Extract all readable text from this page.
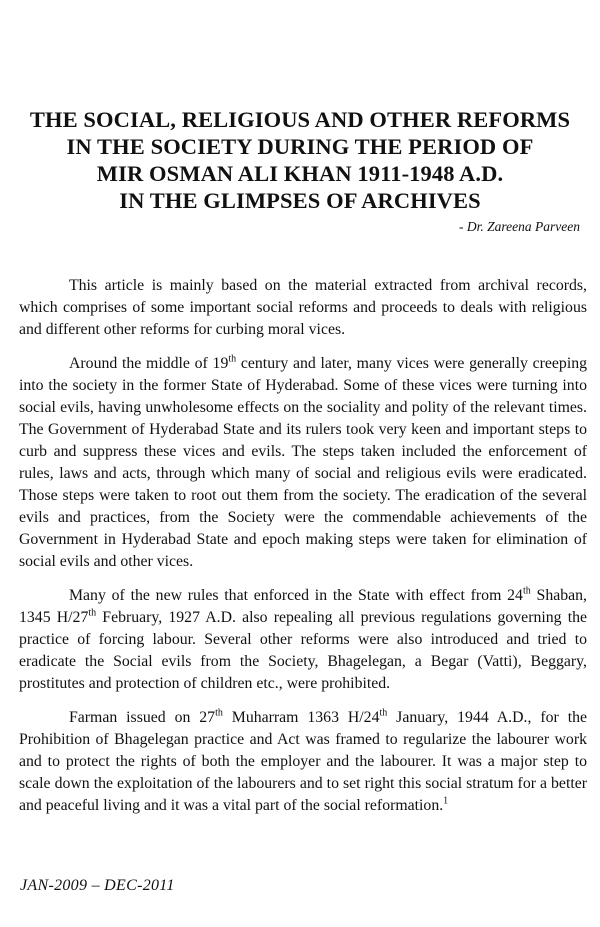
THE SOCIAL, RELIGIOUS AND OTHER REFORMS
IN THE SOCIETY DURING THE PERIOD OF
MIR OSMAN ALI KHAN 1911-1948 A.D.
IN THE GLIMPSES OF ARCHIVES

- Dr. Zareena Parveen

This article is mainly based on the material extracted from archival records, which comprises of some important social reforms and proceeds to deals with religious and different other reforms for curbing moral vices.

Around the middle of 19th century and later, many vices were generally creeping into the society in the former State of Hyderabad. Some of these vices were turning into social evils, having unwholesome effects on the sociality and polity of the relevant times. The Government of Hyderabad State and its rulers took very keen and important steps to curb and suppress these vices and evils. The steps taken included the enforcement of rules, laws and acts, through which many of social and religious evils were eradicated. Those steps were taken to root out them from the society. The eradication of the several evils and practices, from the Society were the commendable achievements of the Government in Hyderabad State and epoch making steps were taken for elimination of social evils and other vices.

Many of the new rules that enforced in the State with effect from 24th Shaban, 1345 H/27th February, 1927 A.D. also repealing all previous regulations governing the practice of forcing labour. Several other reforms were also introduced and tried to eradicate the Social evils from the Society, Bhagelegan, a Begar (Vatti), Beggary, prostitutes and protection of children etc., were prohibited.

Farman issued on 27th Muharram 1363 H/24th January, 1944 A.D., for the Prohibition of Bhagelegan practice and Act was framed to regularize the labourer work and to protect the rights of both the employer and the labourer. It was a major step to scale down the exploitation of the labourers and to set right this social stratum for a better and peaceful living and it was a vital part of the social reformation.$^1$

JAN-2009 – DEC-2011
